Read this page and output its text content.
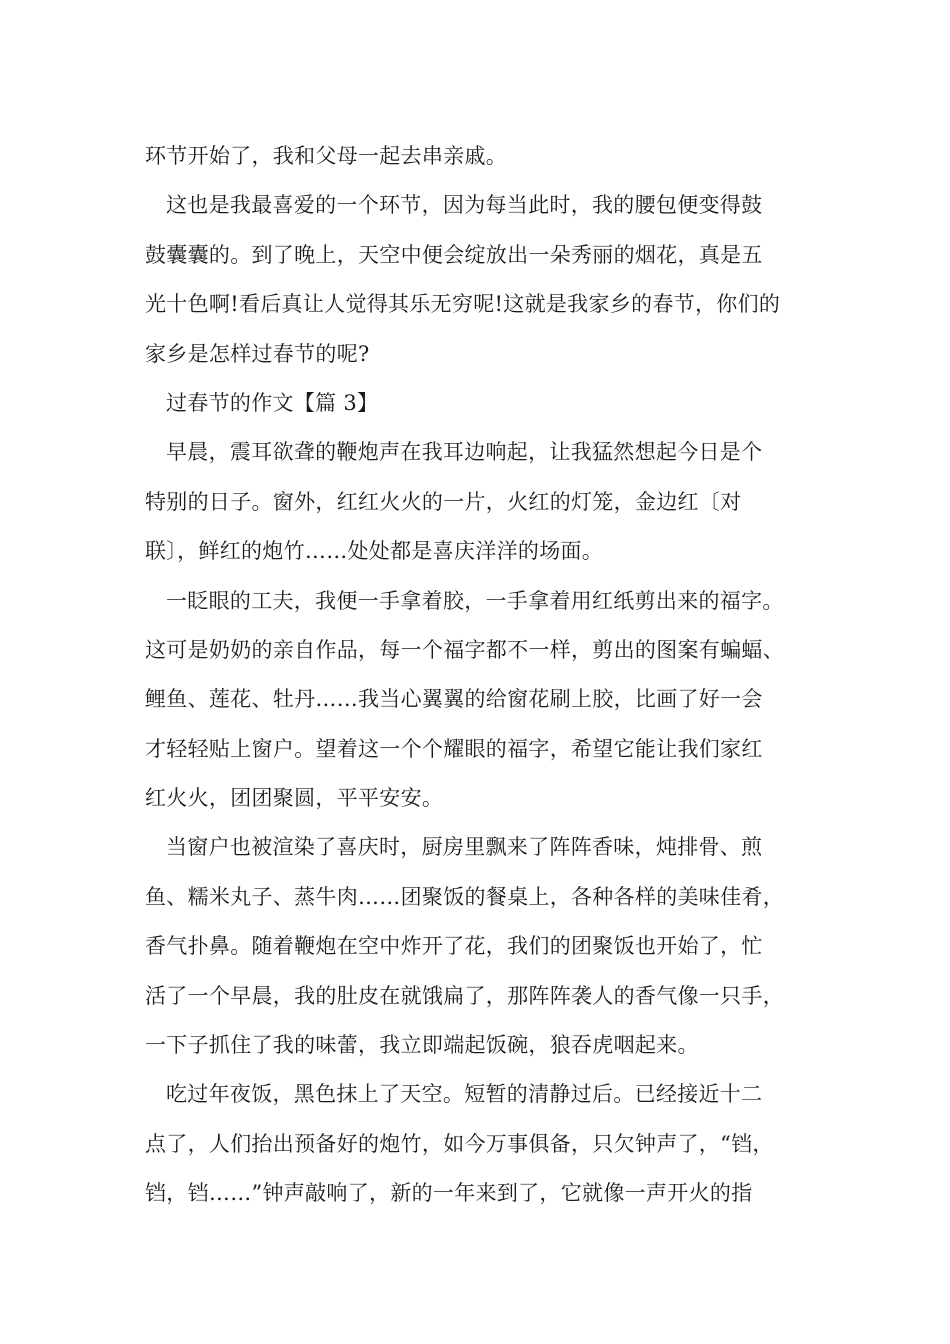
环节开始了，我和父母一起去串亲戚。
这也是我最喜爱的一个环节，因为每当此时，我的腰包便变得鼓
鼓囊囊的。到了晚上，天空中便会绽放出一朵秀丽的烟花，真是五
光十色啊!看后真让人觉得其乐无穷呢!这就是我家乡的春节，你们的
家乡是怎样过春节的呢?
过春节的作文【篇 3】
早晨，震耳欲聋的鞭炮声在我耳边响起，让我猛然想起今日是个
特别的日子。窗外，红红火火的一片，火红的灯笼，金边红〔对
联〕，鲜红的炮竹……处处都是喜庆洋洋的场面。
一眨眼的工夫，我便一手拿着胶，一手拿着用红纸剪出来的福字。
这可是奶奶的亲自作品，每一个福字都不一样，剪出的图案有蝙蝠、
鲤鱼、莲花、牡丹……我当心翼翼的给窗花刷上胶，比画了好一会
才轻轻贴上窗户。望着这一个个耀眼的福字，希望它能让我们家红
红火火，团团聚圆，平平安安。
当窗户也被渲染了喜庆时，厨房里飘来了阵阵香味，炖排骨、煎
鱼、糯米丸子、蒸牛肉……团聚饭的餐桌上，各种各样的美味佳肴，
香气扑鼻。随着鞭炮在空中炸开了花，我们的团聚饭也开始了，忙
活了一个早晨，我的肚皮在就饿扁了，那阵阵袭人的香气像一只手，
一下子抓住了我的味蕾，我立即端起饭碗，狼吞虎咽起来。
吃过年夜饭，黑色抹上了天空。短暂的清静过后。已经接近十二
点了，人们抬出预备好的炮竹，如今万事俱备，只欠钟声了，“铛，
铛，铛……”钟声敲响了，新的一年来到了，它就像一声开火的指
